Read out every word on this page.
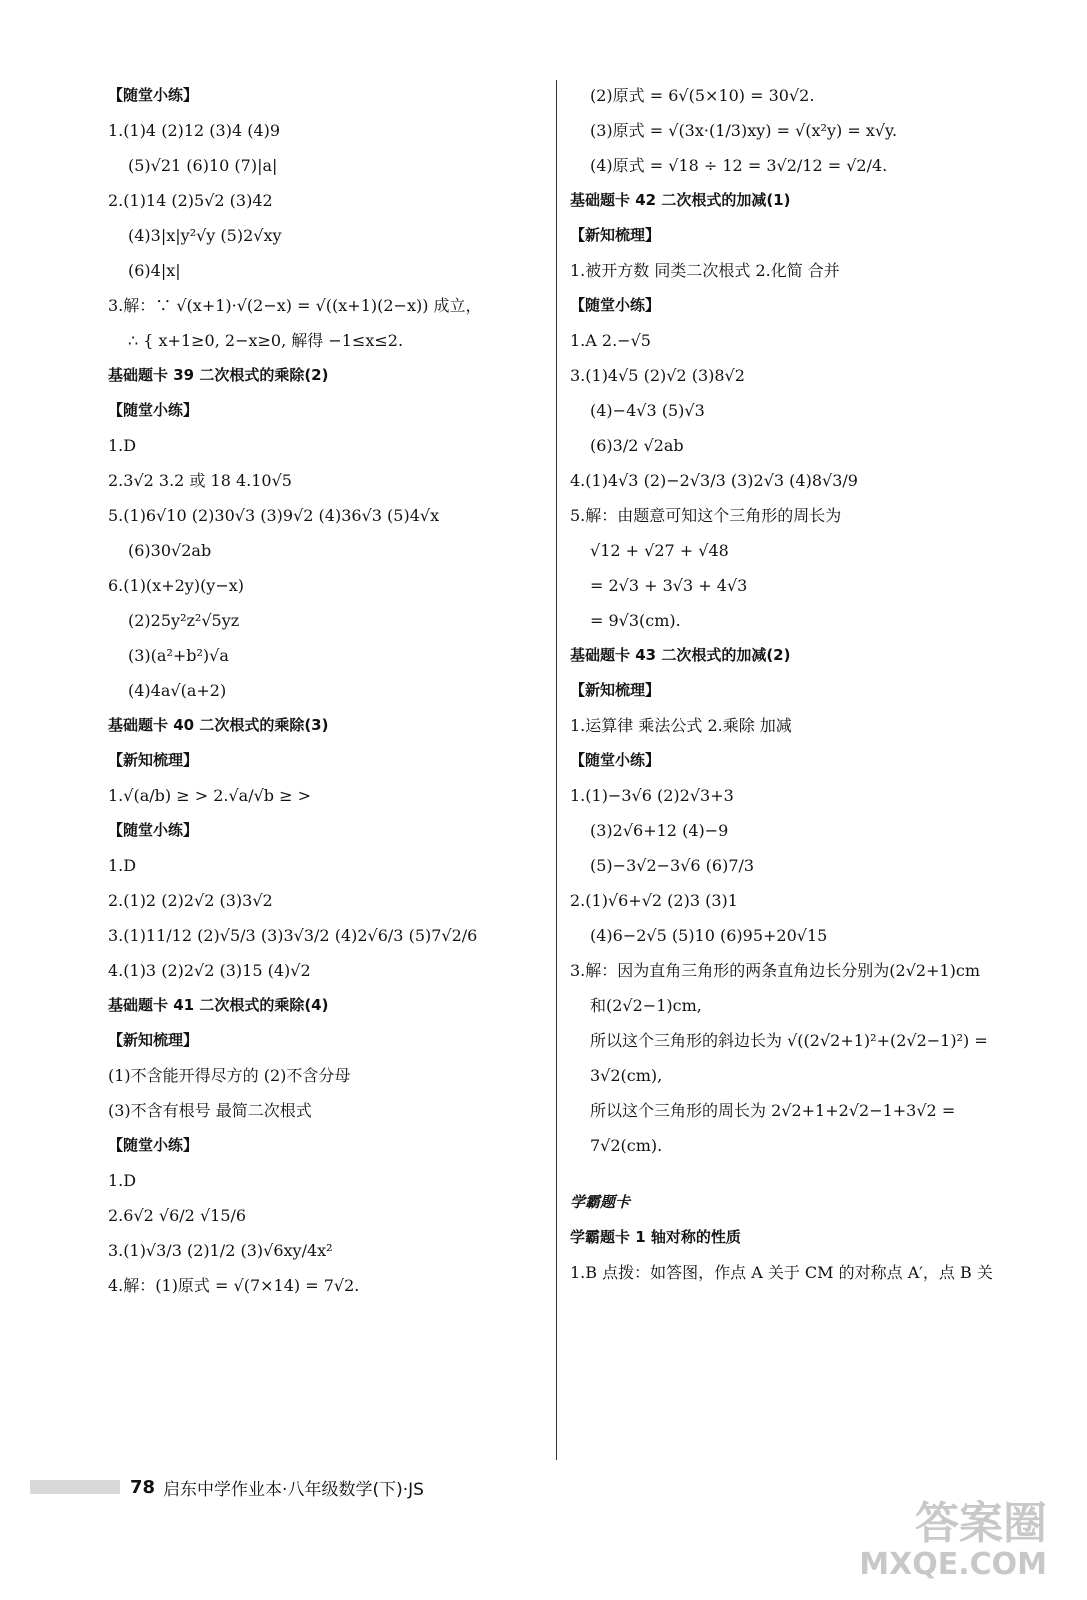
【随堂小练】
1.(1)4 (2)12 (3)4 (4)9
(5)√21 (6)10 (7)|a|
2.(1)14 (2)5√2 (3)42
(4)3|x|y²√y (5)2√xy
(6)4|x|
3.解：∵ √(x+1)·√(2−x) = √((x+1)(2−x)) 成立，
∴ { x+1≥0, 2−x≥0, 解得 −1≤x≤2.
基础题卡 39 二次根式的乘除(2)
【随堂小练】
1.D
2.3√2 3.2 或 18 4.10√5
5.(1)6√10 (2)30√3 (3)9√2 (4)36√3 (5)4√x
(6)30√2ab
6.(1)(x+2y)(y−x)
(2)25y²z²√5yz
(3)(a²+b²)√a
(4)4a√(a+2)
基础题卡 40 二次根式的乘除(3)
【新知梳理】
1.√(a/b) ≥ > 2.√a/√b ≥ >
【随堂小练】
1.D
2.(1)2 (2)2√2 (3)3√2
3.(1)11/12 (2)√5/3 (3)3√3/2 (4)2√6/3 (5)7√2/6
4.(1)3 (2)2√2 (3)15 (4)√2
基础题卡 41 二次根式的乘除(4)
【新知梳理】
(1)不含能开得尽方的 (2)不含分母
(3)不含有根号 最简二次根式
【随堂小练】
1.D
2.6√2 √6/2 √15/6
3.(1)√3/3 (2)1/2 (3)√6xy/4x²
4.解：(1)原式 = √(7×14) = 7√2.
(2)原式 = 6√(5×10) = 30√2.
(3)原式 = √(3x·(1/3)xy) = √(x²y) = x√y.
(4)原式 = √18 ÷ 12 = 3√2/12 = √2/4.
基础题卡 42 二次根式的加减(1)
【新知梳理】
1.被开方数 同类二次根式 2.化简 合并
【随堂小练】
1.A 2.−√5
3.(1)4√5 (2)√2 (3)8√2
(4)−4√3 (5)√3
(6)3/2 √2ab
4.(1)4√3 (2)−2√3/3 (3)2√3 (4)8√3/9
5.解：由题意可知这个三角形的周长为
√12 + √27 + √48
= 2√3 + 3√3 + 4√3
= 9√3(cm).
基础题卡 43 二次根式的加减(2)
【新知梳理】
1.运算律 乘法公式 2.乘除 加减
【随堂小练】
1.(1)−3√6 (2)2√3+3
(3)2√6+12 (4)−9
(5)−3√2−3√6 (6)7/3
2.(1)√6+√2 (2)3 (3)1
(4)6−2√5 (5)10 (6)95+20√15
3.解：因为直角三角形的两条直角边长分别为(2√2+1)cm
和(2√2−1)cm,
所以这个三角形的斜边长为 √((2√2+1)²+(2√2−1)²) =
3√2(cm),
所以这个三角形的周长为 2√2+1+2√2−1+3√2 =
7√2(cm).
学霸题卡
学霸题卡 1 轴对称的性质
1.B 点拨：如答图，作点 A 关于 CM 的对称点 A′，点 B 关
78 启东中学作业本·八年级数学(下)·JS
答案圈
MXQE.COM
